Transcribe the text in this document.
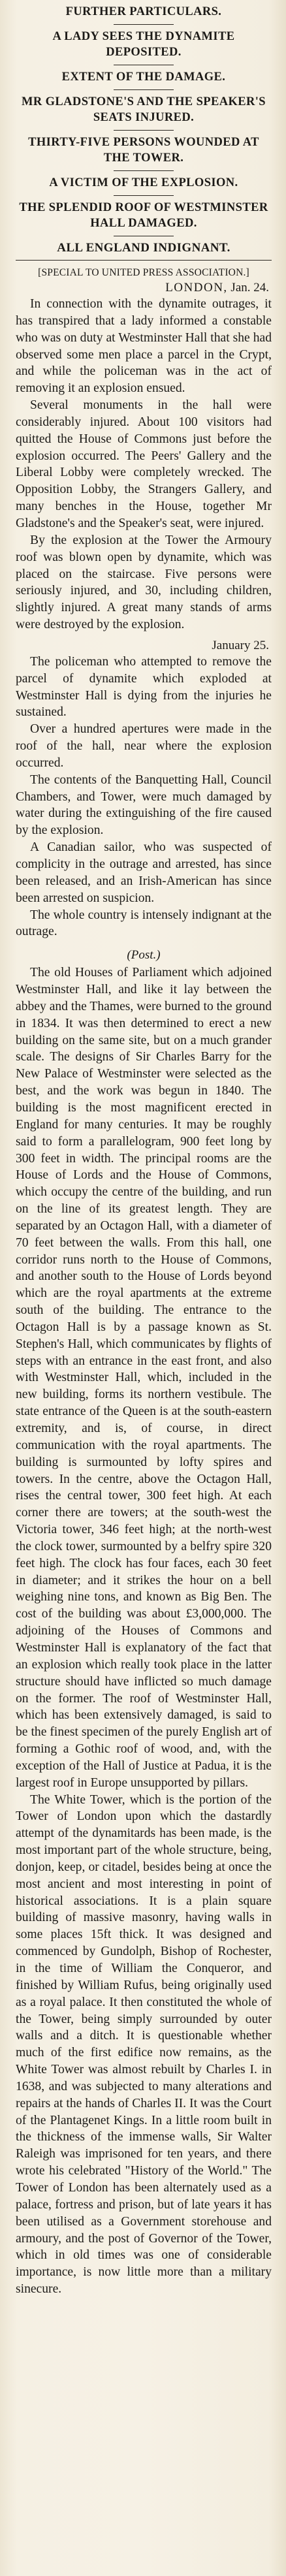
FURTHER PARTICULARS.
A LADY SEES THE DYNAMITE DEPOSITED.
EXTENT OF THE DAMAGE.
MR GLADSTONE'S AND THE SPEAKER'S SEATS INJURED.
THIRTY-FIVE PERSONS WOUNDED AT THE TOWER.
A VICTIM OF THE EXPLOSION.
THE SPLENDID ROOF OF WESTMINSTER HALL DAMAGED.
ALL ENGLAND INDIGNANT.
[SPECIAL TO UNITED PRESS ASSOCIATION.]
LONDON, Jan. 24.

In connection with the dynamite outrages, it has transpired that a lady informed a constable who was on duty at Westminster Hall that she had observed some men place a parcel in the Crypt, and while the policeman was in the act of removing it an explosion ensued.

Several monuments in the hall were considerably injured. About 100 visitors had quitted the House of Commons just before the explosion occurred. The Peers' Gallery and the Liberal Lobby were completely wrecked. The Opposition Lobby, the Strangers Gallery, and many benches in the House, together Mr Gladstone's and the Speaker's seat, were injured.

By the explosion at the Tower the Armoury roof was blown open by dynamite, which was placed on the staircase. Five persons were seriously injured, and 30, including children, slightly injured. A great many stands of arms were destroyed by the explosion.

January 25.

The policeman who attempted to remove the parcel of dynamite which exploded at Westminster Hall is dying from the injuries he sustained.

Over a hundred apertures were made in the roof of the hall, near where the explosion occurred.

The contents of the Banquetting Hall, Council Chambers, and Tower, were much damaged by water during the extinguishing of the fire caused by the explosion.

A Canadian sailor, who was suspected of complicity in the outrage and arrested, has since been released, and an Irish-American has since been arrested on suspicion.

The whole country is intensely indignant at the outrage.

(Post.)

The old Houses of Parliament which adjoined Westminster Hall, and like it lay between the abbey and the Thames, were burned to the ground in 1834. It was then determined to erect a new building on the same site, but on a much grander scale. The designs of Sir Charles Barry for the New Palace of Westminster were selected as the best, and the work was begun in 1840. The building is the most magnificent erected in England for many centuries. It may be roughly said to form a parallelogram, 900 feet long by 300 feet in width. The principal rooms are the House of Lords and the House of Commons, which occupy the centre of the building, and run on the line of its greatest length. They are separated by an Octagon Hall, with a diameter of 70 feet between the walls. From this hall, one corridor runs north to the House of Commons, and another south to the House of Lords beyond which are the royal apartments at the extreme south of the building. The entrance to the Octagon Hall is by a passage known as St. Stephen's Hall, which communicates by flights of steps with an entrance in the east front, and also with Westminster Hall, which, included in the new building, forms its northern vestibule. The state entrance of the Queen is at the south-eastern extremity, and is, of course, in direct communication with the royal apartments. The building is surmounted by lofty spires and towers. In the centre, above the Octagon Hall, rises the central tower, 300 feet high. At each corner there are towers; at the south-west the Victoria tower, 346 feet high; at the north-west the clock tower, surmounted by a belfry spire 320 feet high. The clock has four faces, each 30 feet in diameter; and it strikes the hour on a bell weighing nine tons, and known as Big Ben. The cost of the building was about £3,000,000. The adjoining of the Houses of Commons and Westminster Hall is explanatory of the fact that an explosion which really took place in the latter structure should have inflicted so much damage on the former. The roof of Westminster Hall, which has been extensively damaged, is said to be the finest specimen of the purely English art of forming a Gothic roof of wood, and, with the exception of the Hall of Justice at Padua, it is the largest roof in Europe unsupported by pillars.

The White Tower, which is the portion of the Tower of London upon which the dastardly attempt of the dynamitards has been made, is the most important part of the whole structure, being, donjon, keep, or citadel, besides being at once the most ancient and most interesting in point of historical associations. It is a plain square building of massive masonry, having walls in some places 15ft thick. It was designed and commenced by Gundolph, Bishop of Rochester, in the time of William the Conqueror, and finished by William Rufus, being originally used as a royal palace. It then constituted the whole of the Tower, being simply surrounded by outer walls and a ditch. It is questionable whether much of the first edifice now remains, as the White Tower was almost rebuilt by Charles I. in 1638, and was subjected to many alterations and repairs at the hands of Charles II. It was the Court of the Plantagenet Kings. In a little room built in the thickness of the immense walls, Sir Walter Raleigh was imprisoned for ten years, and there wrote his celebrated "History of the World." The Tower of London has been alternately used as a palace, fortress and prison, but of late years it has been utilised as a Government storehouse and armoury, and the post of Governor of the Tower, which in old times was one of considerable importance, is now little more than a military sinecure.
